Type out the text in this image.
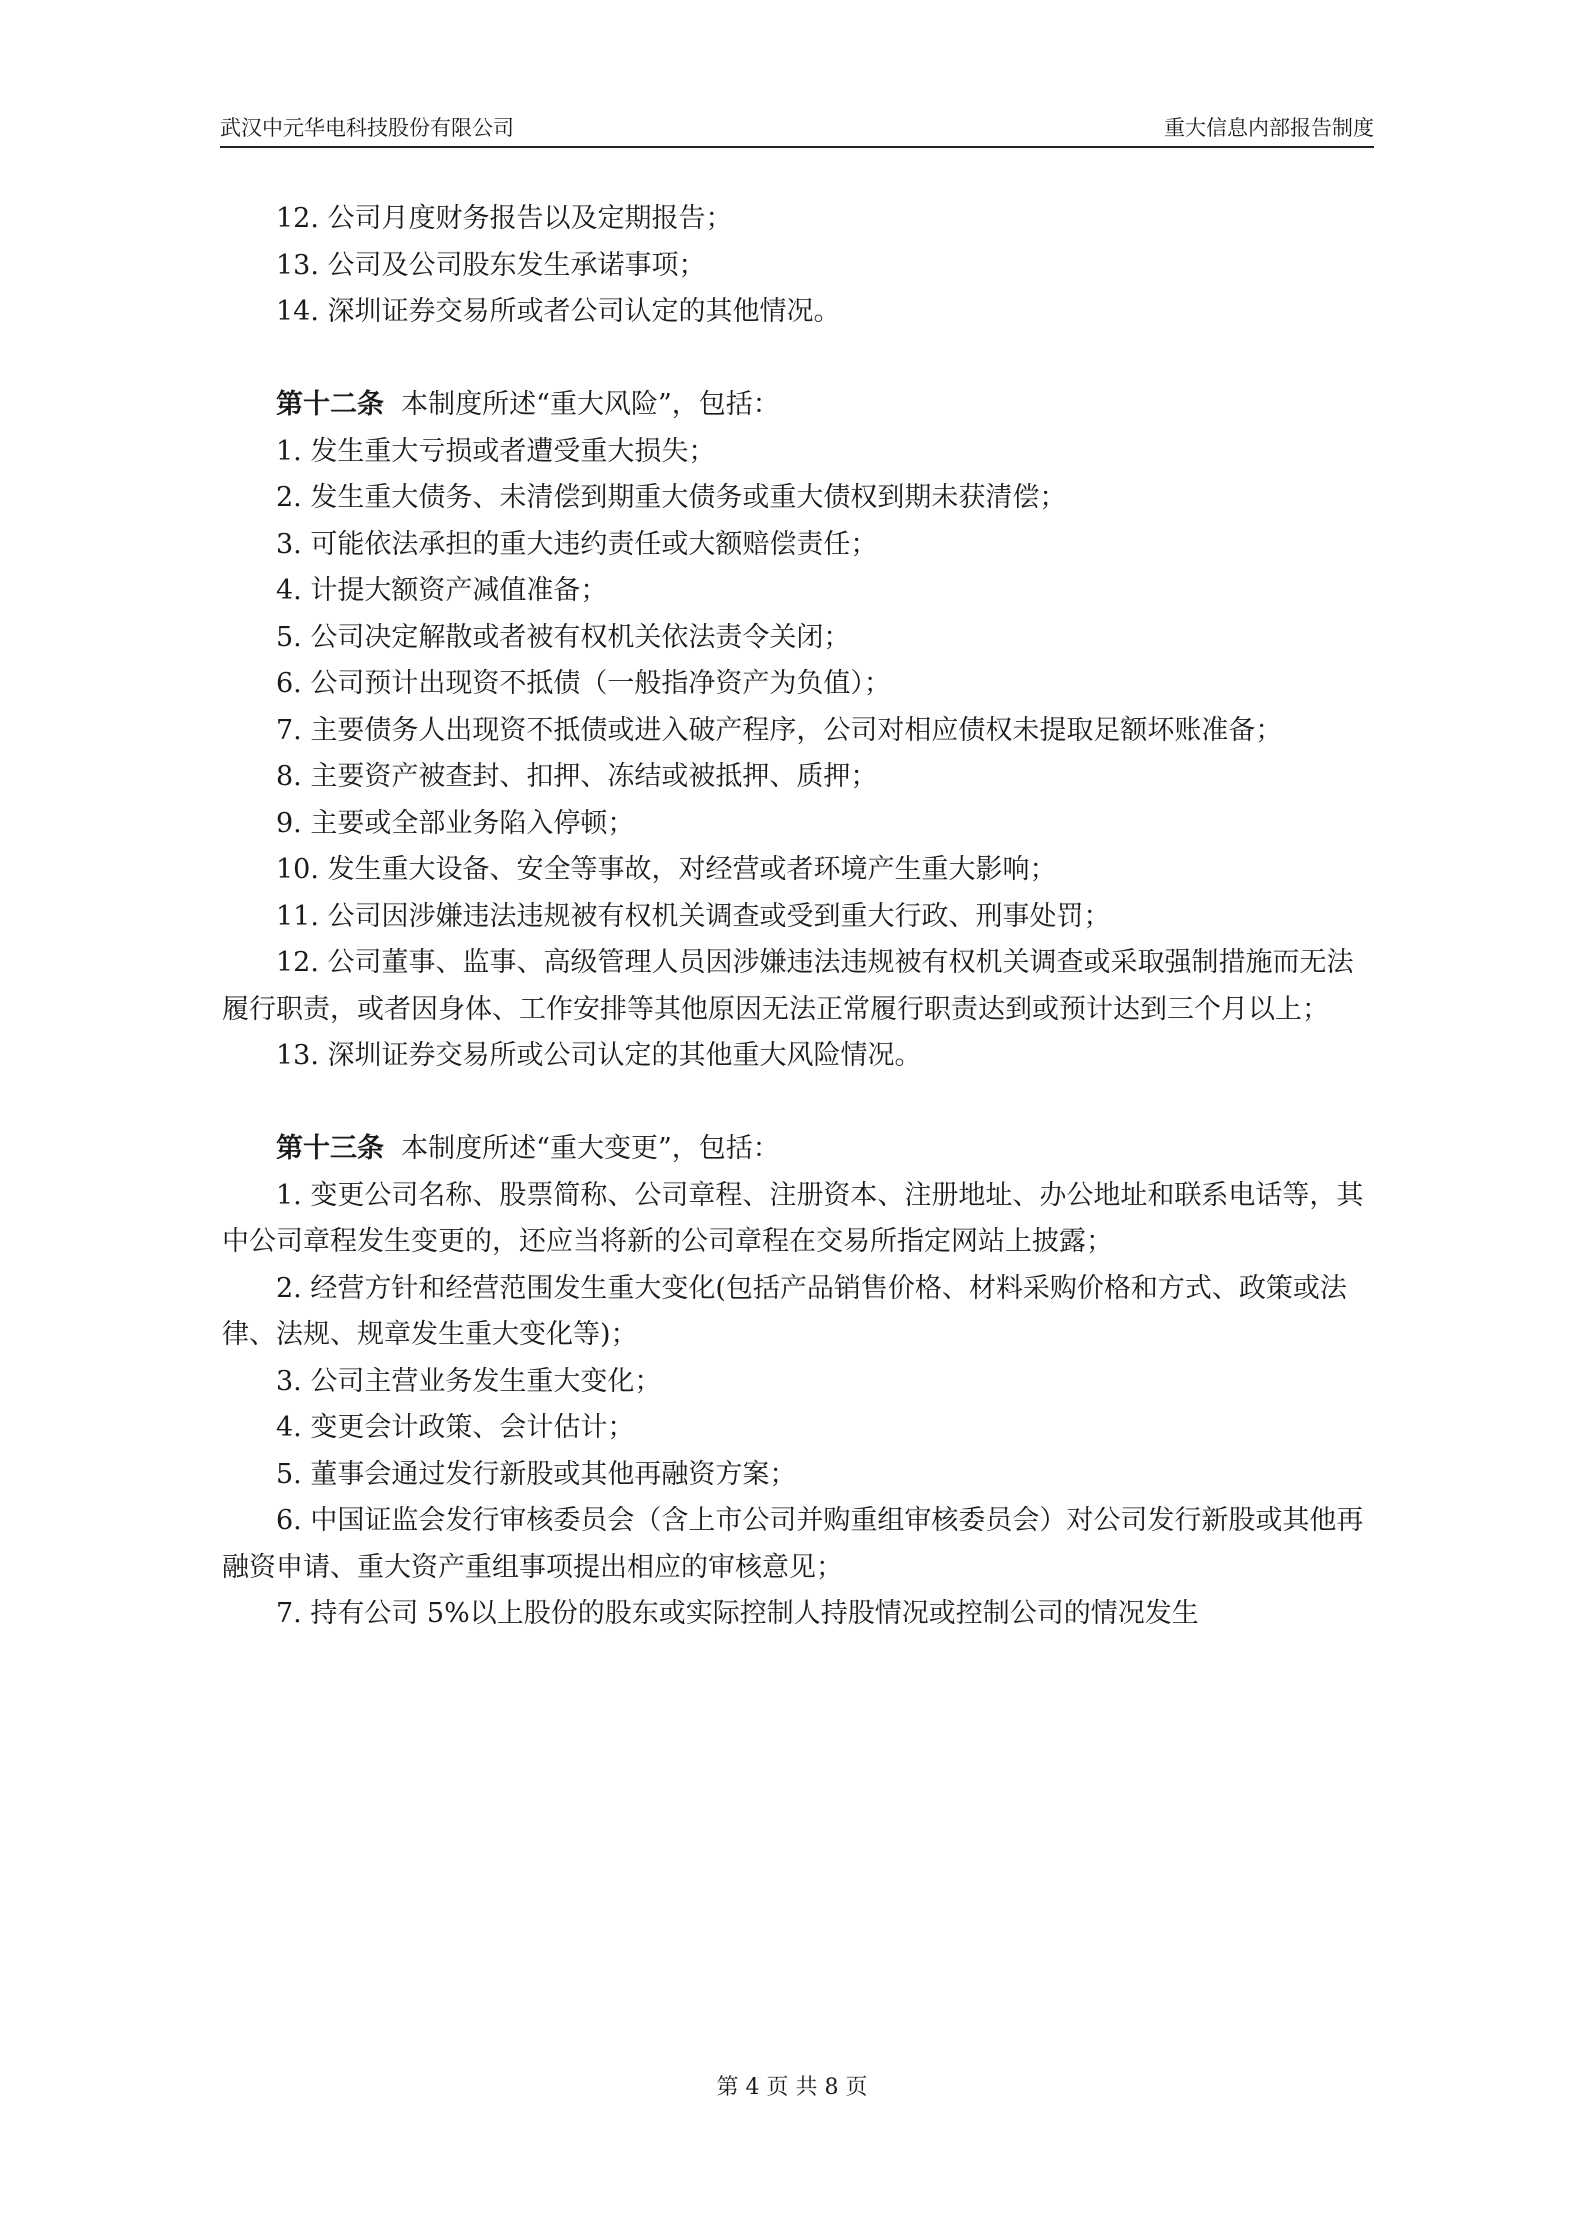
武汉中元华电科技股份有限公司	重大信息内部报告制度

12. 公司月度财务报告以及定期报告；

13. 公司及公司股东发生承诺事项；

14. 深圳证券交易所或者公司认定的其他情况。

第十二条 本制度所述“重大风险”，包括：

1. 发生重大亏损或者遭受重大损失；

2. 发生重大债务、未清偿到期重大债务或重大债权到期未获清偿；

3. 可能依法承担的重大违约责任或大额赔偿责任；

4. 计提大额资产减值准备；

5. 公司决定解散或者被有权机关依法责令关闭；

6. 公司预计出现资不抵债（一般指净资产为负值）；

7. 主要债务人出现资不抵债或进入破产程序，公司对相应债权未提取足额坏账准备；

8. 主要资产被查封、扣押、冻结或被抵押、质押；

9. 主要或全部业务陷入停顿；

10. 发生重大设备、安全等事故，对经营或者环境产生重大影响；

11. 公司因涉嫌违法违规被有权机关调查或受到重大行政、刑事处罚；

12. 公司董事、监事、高级管理人员因涉嫌违法违规被有权机关调查或采取强制措施而无法履行职责，或者因身体、工作安排等其他原因无法正常履行职责达到或预计达到三个月以上；

13. 深圳证券交易所或公司认定的其他重大风险情况。

第十三条 本制度所述“重大变更”，包括：

1. 变更公司名称、股票简称、公司章程、注册资本、注册地址、办公地址和联系电话等，其中公司章程发生变更的，还应当将新的公司章程在交易所指定网站上披露；

2. 经营方针和经营范围发生重大变化(包括产品销售价格、材料采购价格和方式、政策或法律、法规、规章发生重大变化等)；

3. 公司主营业务发生重大变化；

4. 变更会计政策、会计估计；

5. 董事会通过发行新股或其他再融资方案；

6. 中国证监会发行审核委员会（含上市公司并购重组审核委员会）对公司发行新股或其他再融资申请、重大资产重组事项提出相应的审核意见；

7. 持有公司 5%以上股份的股东或实际控制人持股情况或控制公司的情况发生

第 4 页 共 8 页
